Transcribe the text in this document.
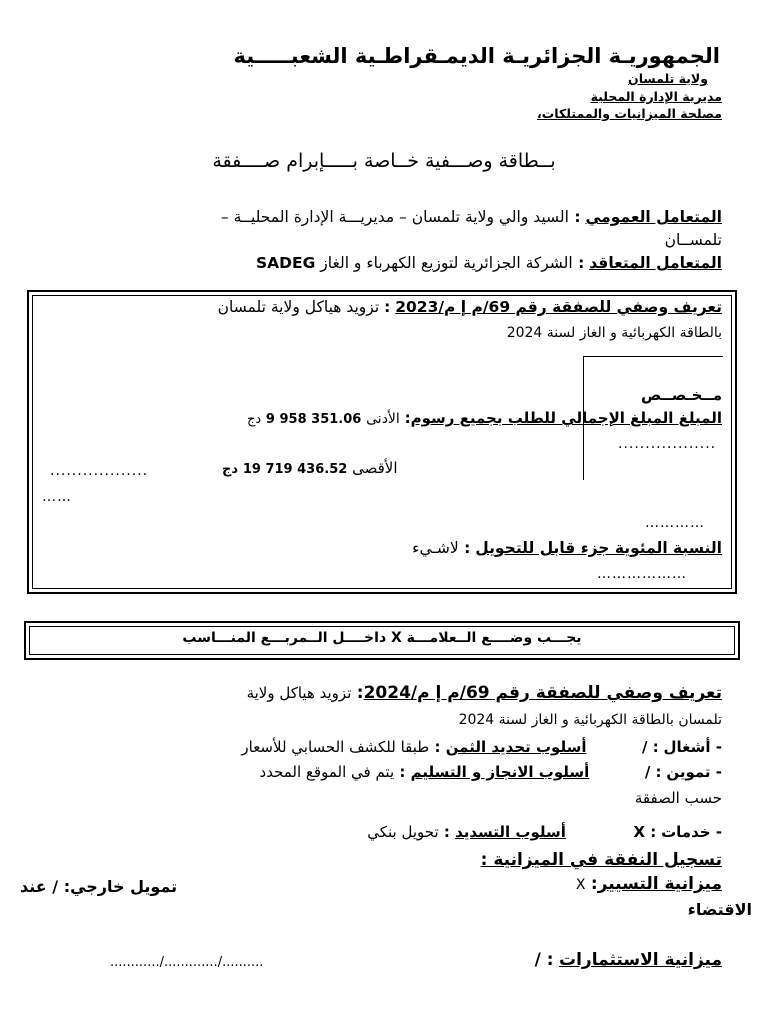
الجمهوريـة الجزائريـة الديمـقراطـية الشعبـــــية
ولاية تلمسان
مديرية الإدارة المحلية
مصلحة الميزانيات والممتلكات،
بــطاقة وصـــفية خــاصة بـــــإبرام صــــفقة
المتعامل العمومي : السيد والي ولاية تلمسان – مديريـــة الإدارة المحليــة –
تلمســان
المتعامل المتعاقد : الشركة الجزائرية لتوزيع الكهرباء و الغاز SADEG
تعريف وصفي للصفقة رقم 69/م إ م/2023 : تزويد هياكل ولاية تلمسان
بالطاقة الكهربائية و الغاز لسنة 2024
مــخـصــص
المبلغ المبلغ الإجمالي للطلب بجميع رسوم: الأدنى 351.06 958 9 دج
..................
الأقصى 436.52 719 19 دج
..................
……
…………
النسبة المئوية جزء قابل للتحويل : لاشـيء
………………
يجـــب وضــــع الــعلامـــة X داخــــل الــمربـــع المنـــاسب
تعريف وصفي للصفقة رقم 69/م إ م/2024: تزويد هياكل ولاية
تلمسان بالطاقة الكهربائية و الغاز لسنة 2024
- أشغال : /  أسلوب تحديد الثمن : طبقا للكشف الحسابي للأسعار
- تموين : /  أسلوب الانجاز و التسليم : يتم في الموقع المحدد
حسب الصفقة
- خدمات : X  أسلوب التسديد : تحويل بنكي
تسجيل النفقة في الميزانية :
ميزانية التسيير: X
تمويل خارجي: / عند
الاقتضاء
ميزانية الاستثمارات : /
............/............./..........
